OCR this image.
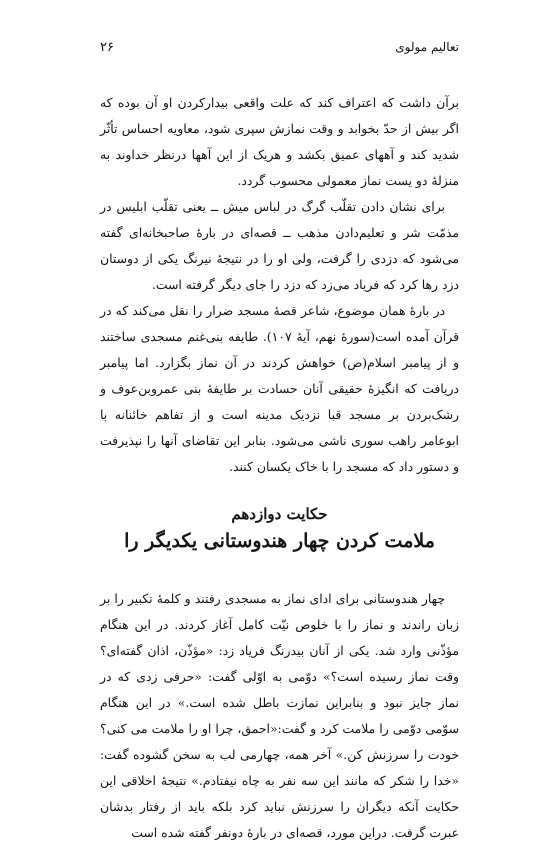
۲۶	تعالیم مولوی

برآن داشت که اعتراف کند که علت واقعی بیدارکردن او آن بوده که اگر بیش از حدّ بخوابد و وقت نمازش سپری شود، معاویه احساس تأثّر شدید کند و آههای عمیق بکشد و هریک از این آهها درنظر خداوند به منزلهٔ دو یست نماز معمولی محسوب گردد.

برای نشان دادن تقلّب گرگ در لباس میش ــ یعنی تقلّب ابلیس در مذمّت شر و تعلیم‌دادن مذهب ــ قصه‌ای در بارهٔ صاحبخانه‌ای گفته می‌شود که دزدی را گرفت، ولی او را در نتیجهٔ نیرنگ یکی از دوستان دزد رها کرد که فریاد می‌زد که دزد را جای دیگر گرفته است.

در بارهٔ همان موضوع، شاعر قصهٔ مسجد ضرار را نقل می‌کند که در قرآن آمده است(سورهٔ نهم، آیهٔ ۱۰۷). طایفه بنی‌غنم مسجدی ساختند و از پیامبر اسلام(ص) خواهش کردند در آن نماز بگزارد. اما پیامبر دریافت که انگیزهٔ حقیقی آنان حسادت بر طایفهٔ بنی عمروبن‌عوف و رشک‌بردن بر مسجد قبا نزدیک مدینه است و از تفاهم خائنانه با ابوعامر راهب سوری ناشی می‌شود. بنابر این تقاضای آنها را نپذیرفت و دستور داد که مسجد را با خاک یکسان کنند.

حکایت دوازدهم
ملامت کردن چهار هندوستانی یکدیگر را

چهار هندوستانی برای ادای نماز به مسجدی رفتند و کلمهٔ تکبیر را بر زبان راندند و نماز را با خلوص نیّت کامل آغاز کردند. در این هنگام مؤذّنی وارد شد. یکی از آنان بیدرنگ فریاد زد: «مؤذّن، اذان گفته‌ای؟ وقت نماز رسیده است؟» دوّمی به اوّلی گفت: «حرفی زدی که در نماز جایز نبود و بنابراین نمازت باطل شده است.» در این هنگام سوّمی دوّمی را ملامت کرد و گفت:«احمق، چرا او را ملامت می کنی؟ خودت را سرزنش کن.» آخر همه، چهارمی لب به سخن گشوده گفت: «خدا را شکر که مانند این سه نفر به چاه نیفتادم.» نتیجهٔ اخلاقی این حکایت آنکه دیگران را سرزنش نباید کرد بلکه باید از رفتار بدشان عبرت گرفت. دراین مورد، قصه‌ای در بارهٔ دونفر گفته شده است
